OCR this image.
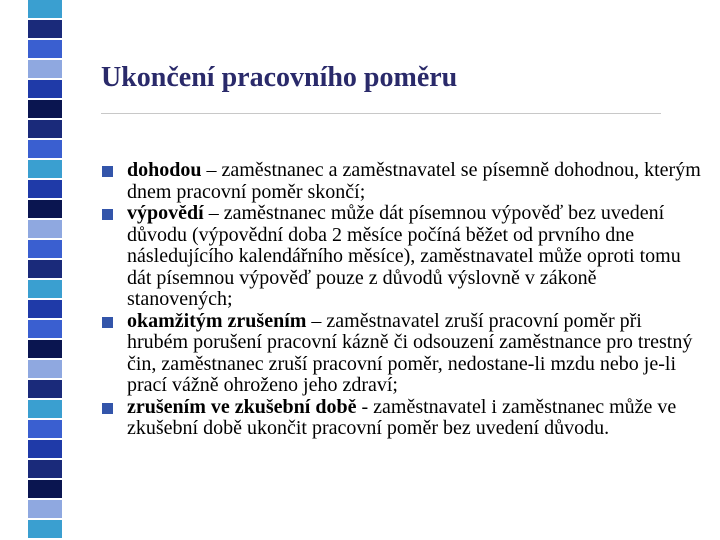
Ukončení pracovního poměru
dohodou – zaměstnanec a zaměstnavatel se písemně dohodnou, kterým dnem pracovní poměr skončí;
výpovědí – zaměstnanec může dát písemnou výpověď bez uvedení důvodu (výpovědní doba 2 měsíce počíná běžet od prvního dne následujícího kalendářního měsíce), zaměstnavatel může oproti tomu dát písemnou výpověď pouze z důvodů výslovně v zákoně stanovených;
okamžitým zrušením – zaměstnavatel zruší pracovní poměr při hrubém porušení pracovní kázně či odsouzení zaměstnance pro trestný čin, zaměstnanec zruší pracovní poměr, nedostane-li mzdu nebo je-li prací vážně ohroženo jeho zdraví;
zrušením ve zkušební době - zaměstnavatel i zaměstnanec může ve zkušební době ukončit pracovní poměr bez uvedení důvodu.
